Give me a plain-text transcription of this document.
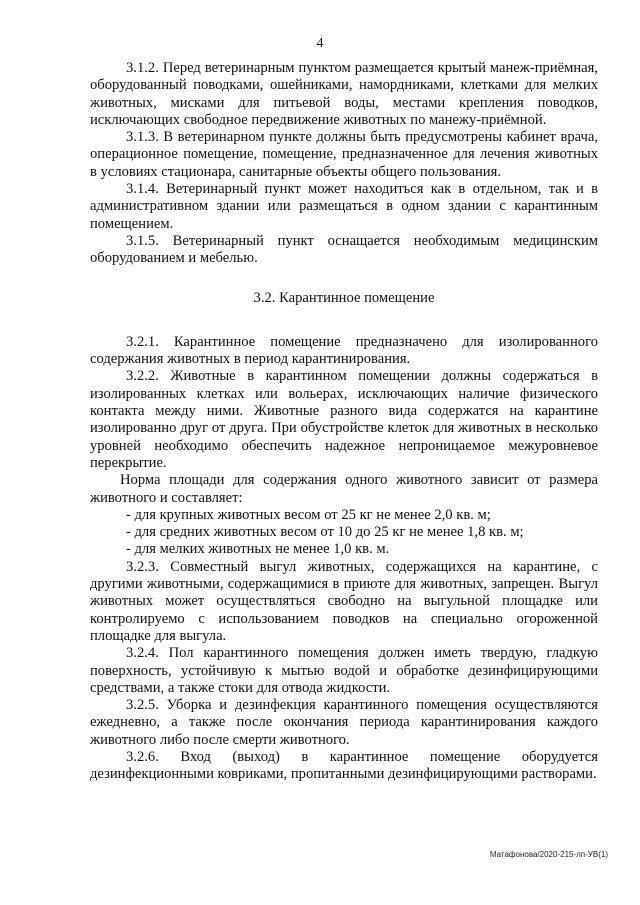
4

3.1.2. Перед ветеринарным пунктом размещается крытый манеж-приёмная, оборудованный поводками, ошейниками, намордниками, клетками для мелких животных, мисками для питьевой воды, местами крепления поводков, исключающих свободное передвижение животных по манежу-приёмной.

3.1.3. В ветеринарном пункте должны быть предусмотрены кабинет врача, операционное помещение, помещение, предназначенное для лечения животных в условиях стационара, санитарные объекты общего пользования.

3.1.4. Ветеринарный пункт может находиться как в отдельном, так и в административном здании или размещаться в одном здании с карантинным помещением.

3.1.5. Ветеринарный пункт оснащается необходимым медицинским оборудованием и мебелью.

3.2. Карантинное помещение

3.2.1. Карантинное помещение предназначено для изолированного содержания животных в период карантинирования.

3.2.2. Животные в карантинном помещении должны содержаться в изолированных клетках или вольерах, исключающих наличие физического контакта между ними. Животные разного вида содержатся на карантине изолированно друг от друга. При обустройстве клеток для животных в несколько уровней необходимо обеспечить надежное непроницаемое межуровневое перекрытие.

Норма площади для содержания одного животного зависит от размера животного и составляет:

- для крупных животных весом от 25 кг не менее 2,0 кв. м;

- для средних животных весом от 10 до 25 кг не менее 1,8 кв. м;

- для мелких животных не менее 1,0 кв. м.

3.2.3. Совместный выгул животных, содержащихся на карантине, с другими животными, содержащимися в приюте для животных, запрещен. Выгул животных может осуществляться свободно на выгульной площадке или контролируемо с использованием поводков на специально огороженной площадке для выгула.

3.2.4. Пол карантинного помещения должен иметь твердую, гладкую поверхность, устойчивую к мытью водой и обработке дезинфицирующими средствами, а также стоки для отвода жидкости.

3.2.5. Уборка и дезинфекция карантинного помещения осуществляются ежедневно, а также после окончания периода карантинирования каждого животного либо после смерти животного.

3.2.6. Вход (выход) в карантинное помещение оборудуется дезинфекционными ковриками, пропитанными дезинфицирующими растворами.

Матафонова/2020-215-лп-УВ(1)
